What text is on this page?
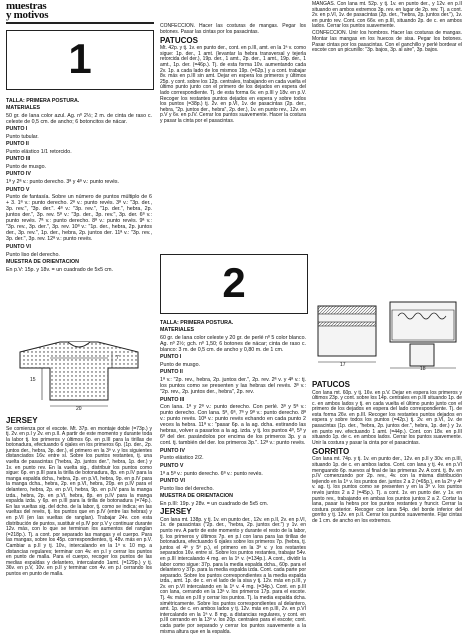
muestras
y motivos
1

TALLA: PRIMERA POSTURA.

MATERIALES

50 gr. de lana color azul. Ag. nº 2½; 2 m. de cinta de raso c. celeste de 0,5 cm. de ancho; 6 botoncitos de nácar.

PUNTO I

Punto tubular.

PUNTO II

Punto elástico 1/1 retorcido.

PUNTO III

Punto de musgo.

PUNTO IV

1ª y 2ª v.: punto derecho. 3ª y 4ª v.: punto revés.

PUNTO V

Punto de fantasía. Sobre un número de puntos múltiplo de 6 + 3. 1ª v.: punto derecho. 2ª v.: punto revés. 3ª v.: "3p. der., 3p. rev.", "3p. der.". 4ª v.: "3p. rev.", "1p. der.", hebra, 2p. juntos der.", 3p. rev. 5ª v.: "3p. der., 3p. rev.", 3p. der. 6ª v.: punto revés. 7ª v.: punto derecho. 8ª v.: punto revés. 9ª v.: "3p. rev., 3p. der.", 3p. rev. 10ª v.: "1p. der., hebra, 2p. juntos der., 3p. rev.", 1p. der., hebra, 2p. juntos der. 11ª v.: "3p. rev., 3p. der.", 3p. rev. 12ª v.: punto revés.

PUNTO VI

Punto liso del derecho.

MUESTRA DE ORIENTACION

En p.V: 15p. y 18v. = un cuadrado de 5x5 cm.

15
7
20

JERSEY

Se comienza por el escote. Mt. 37p. en montaje doble (=73p.) y tj. 2v. en p.I y 2v. en p.II. A partir de este momento y durante toda la labor tj. los primeros y últimos 6p. en p.III para la tirillas de botonadura, efectuando 6 ojales en los primeros 6p. (1p. der., 2p. juntos der., hebra, 3p. der.), el primero en la 3ª v. y los siguientes distanciados 16v. entre sí. Sobre los puntos restantes, tj. una vuelta de pasacintas ("hebra, 2p. juntos der.", hebra, 1p. der.) y 1v. en punto rev. En la vuelta sig., distribuir los puntos como sigue: 6p. en p.III para la tirilla de botonadura, 8p. en p.IV para la manga espalda dcha., hebra, 2p. en p.VI, hebra, 9p. en p.IV para la manga dcha., hebra, 2p. en p.VI, hebra, 20p. en p.IV para el delantero, hebra, 2p. en p.VI, hebra, 9p. en p.IV para la manga izda., hebra, 2p. en p.VI, hebra, 8p. en p.IV para la manga espalda izda. y 6p. en p.III para la tirilla de botonadura (=74p.). En las vueltas sig. del dcho. de la labor, tj. como se indica; en las vueltas del revés, tj. los puntos que en p.IV (entre las hebras) y en p.VI (en las vueltas de ranglan). Trabajar 24v. con esta distribución de puntos, sustituir el p.IV por p.V y continuar durante 12v. más, con lo que se terminan los aumentos del ranglan (=218p.). Tj. a cont. por separado las mangas y el cuerpo. Para las mangas, sobre los 45p. correspondientes, tj. 48v. más en p.V. Cambiar a p.II y tj. 10v., intercalando en la 1ª v. 10 mg. a distancias regulares; terminar con 4v. en p.I y cerrar los puntos en punto de malla. Para el cuerpo, recoger los puntos de las medias espaldas y delantero, intercalando 1amt. (=129p.) y tj. 36v. en p.V, 10v. en p.II y terminar con 4v. en p.I cerrando los puntos en punto de malla.

CONFECCION. Hacer las costuras de mangas. Pegar los botones. Pasar las cintas por los pasacintas.

PATUCOS

Mt. 42p. y tj. 1v. en punto der., cont. en p.III, amt. en la 1ª v. como sigue: 1p. der., 1 amt. (levantar la hebra transversal y tejerla retorcida del der.), 19p. der., 1 amt., 2p. der., 1 amt., 19p. der., 1 amt., 1p. der. (=46p.). Tj. de esta forma 10v. aumentando cada 2v. 1p. a cada lado de los mismos 19p. (=62p.) y a cont. trabajar 8v. más en p.III sin amt. Dejar en espera los primeros y últimos 25p. y cont. sobre los 12p. centrales, trabajando en cada vuelta el último punto junto con el primero de los dejados en espera del lado correspondiente. Tj. de esta forma 6v. en p.III y 18v. en p.V. Recoger los restantes puntos dejados en espera y sobre todos los puntos (=38p.) tj. 2v. en p.VI, 1v. de pasacintas (2p. der., hebra, "2p. juntos der., hebra", 2p. der.), 1v. en punto rev., 12v. en p.V y 6v. en p.IV. Cerrar los puntos suavemente. Hacer la costura y pasar la cinta por el pasacintas.

2

TALLA: PRIMERA POSTURA.

MATERIALES

60 gr. de lana color celeste y 20 gr. de perlé nº 5 color blanco. Ag. nº 2½; gch. nº 1,50; 6 botones de nácar; cinta de raso c. blanco: 3 m. de 0,5 cm. de ancho y 0,80 m. de 1 cm.

PUNTO I

Punto de musgo.

PUNTO II

1ª v.: "2p. rev., hebra, 2p. juntos der.", 2p. rev. 2ª v. y 4ª v.: tj. los puntos como se presenten y las hebras del revés. 3ª v.: "2p. rev., 2p. juntos der., hebra", 2p. rev.

PUNTO III

Con lana. 1ª y 2ª v.: punto derecho. Con perlé. 3ª y 5ª v.: punto derecho. Con lana. 5ª, 6ª, 7ª y 9ª v.: punto derecho. 8ª v.: punto revés. 10ª v.: punto revés echando en cada punto 2 veces la hebra. 11ª v.: "pasar 6p. a la ag. dcha. estirando las hebras, volver a pasarlos a la ag. izda. y tj. los puntos 4º, 5º y 6º del der. pasándolos por encima de los primeros 3p. y a cont. tj. también del der. los primeros 3p.". 12ª v.: punto revés.

PUNTO IV

Punto elástico 2/2.

PUNTO V

1ª a 5ª v.: punto derecho. 6ª v.: punto revés.

PUNTO VI

Punto liso del derecho.

MUESTRA DE ORIENTACION

En p.III: 19p. y 28v. = un cuadrado de 5x5 cm.

JERSEY

Con lana mt. 138p. y tj. 1v. en punto der., 12v. en p.II, 2v. en p.VI, 1v. de pasacintas ("2p. der., "hebra, 2p. juntos der.") y 1v. en punto rev. A partir de este momento y durante el resto de la labor, tj. los primeros y últimos 7p. en p.I con lana para las tirillas de botonadura, efectuando 6 ojales sobre los primeros 7p. (hebra, tj. juntos el 4º y 5º p.), el primero en la 3ª v. y los restantes separados 16v. entre sí. Sobre los puntos restantes, trabajar 54v. en p.III intercalando 4 mg. en la 1ª v. (=134p.). A cont., dividir la labor como sigue: 37p. para la media espalda dcha., 60p. para el delantero y 37p. para la media espalda izda. Cont. cada parte por separado. Sobre los puntos correspondientes a la media espalda izda., amt. 1p. de c. en el lado de la sisa y tj. 12v. más en p.III, y 2v. en p.VI intercalando en la 1ª v. 4 mg. (=34p.). Cont. en p.III con lana, cerrando en la 13ª v. los primeros 17p. para el escote. Tj. 4v. más en p.III y cerrar los puntos. Tj. la media espalda dcha. simétricamente. Sobre los puntos correspondientes al delantero, amt. 1p. de c. en ambos lados y tj. 12v. más en p.III, 2v. en p.VI intercalando en la 1ª v. 8 mg. a distancias regulares, y cont. en p.III cerrando en la 13ª v. los 20p. centrales para el escote; cont. cada parte por separado y cerrar los puntos suavemente a la misma altura que en la espalda.

MANGAS. Con lana mt. 52p. y tj. 1v. en punto der., y 12v. en p.II situando en ambos extremos 3p. rev. en lugar de 2p. rev. Tj. a cont. 2v. en p.VI, 1v. de pasacintas (2p. der., "hebra, 2p. juntos der."), 1v. en punto rev. Cont. con 66v. en p.III, situando 2p. de c. en ambos lados. Cerrar los puntos suavemente.

CONFECCION. Unir los hombros. Hacer las costuras de mangas. Montar las mangas en los huecos de sisa. Pegar los botones. Pasar cintas por los pasacintas. Con el ganchillo y perlé bordear el escote con un picunillo: "3p. bajos, 3p. al aire", 3p. bajos.

17
18

PATUCOS

Con lana mt. 60p. y tj. 16v. en p.V. Dejar en espera los primeros y últimos 23p. y cont. sobre los 14p. centrales en p.III situando 1p. de c. en ambos lados y tj. en cada vuelta el último punto junto con el primero de los dejados en espera del lado correspondiente. Tj. de esta forma 26v. en p.III. Recoger los restantes puntos dejados en espera y sobre todos los puntos (=42p.) tj. 2v. en p.VI, 1v. de pasacintas (1p. der., "hebra, 2p. juntos der.", hebra, 1p. der.) y 1v. en punto rev. efectuando 1 amt. (=44p.). Cont. con 18v. en p.III situando 1p. de c. en ambos lados. Cerrar los puntos suavemente. Unir la costura y pasar la cinta por el pasacintas.

GORRITO

Con lana mt. 74p. y tj. 1v. en punto der., 12v. en p.II y 30v. en p.III, situando 1p. de c. en ambos lados. Cont. con lana y tj. 4v. en p.VI menguando 6p. nuevos al final de las primeras 2v. A cont. tj. 8v. en p.IV comenzando por 2p. rev., 4v. con la misma distribución tejiendo en la 1ª v. los puntos der. juntos 2 a 2 (=65p.), en la 2ª y 4ª v. ag. tj. los puntos como se presenten y en la 3ª v. los puntos revés juntos 2 a 2 (=45p.). Tj. a cont. 1v. en punto der. y 1v. en punto rev., trabajando en ambas los puntos juntos 2 a 2. Cortar la lana, pasar la hebra por los puntos restantes y fruncir. Cerrar la costura posterior. Recoger con lana 54p. del borde inferior del gorrito y tj. 12v. en p.II. Cerrar los puntos suavemente. Fijar cintas de 1 cm. de ancho en los extremos.
